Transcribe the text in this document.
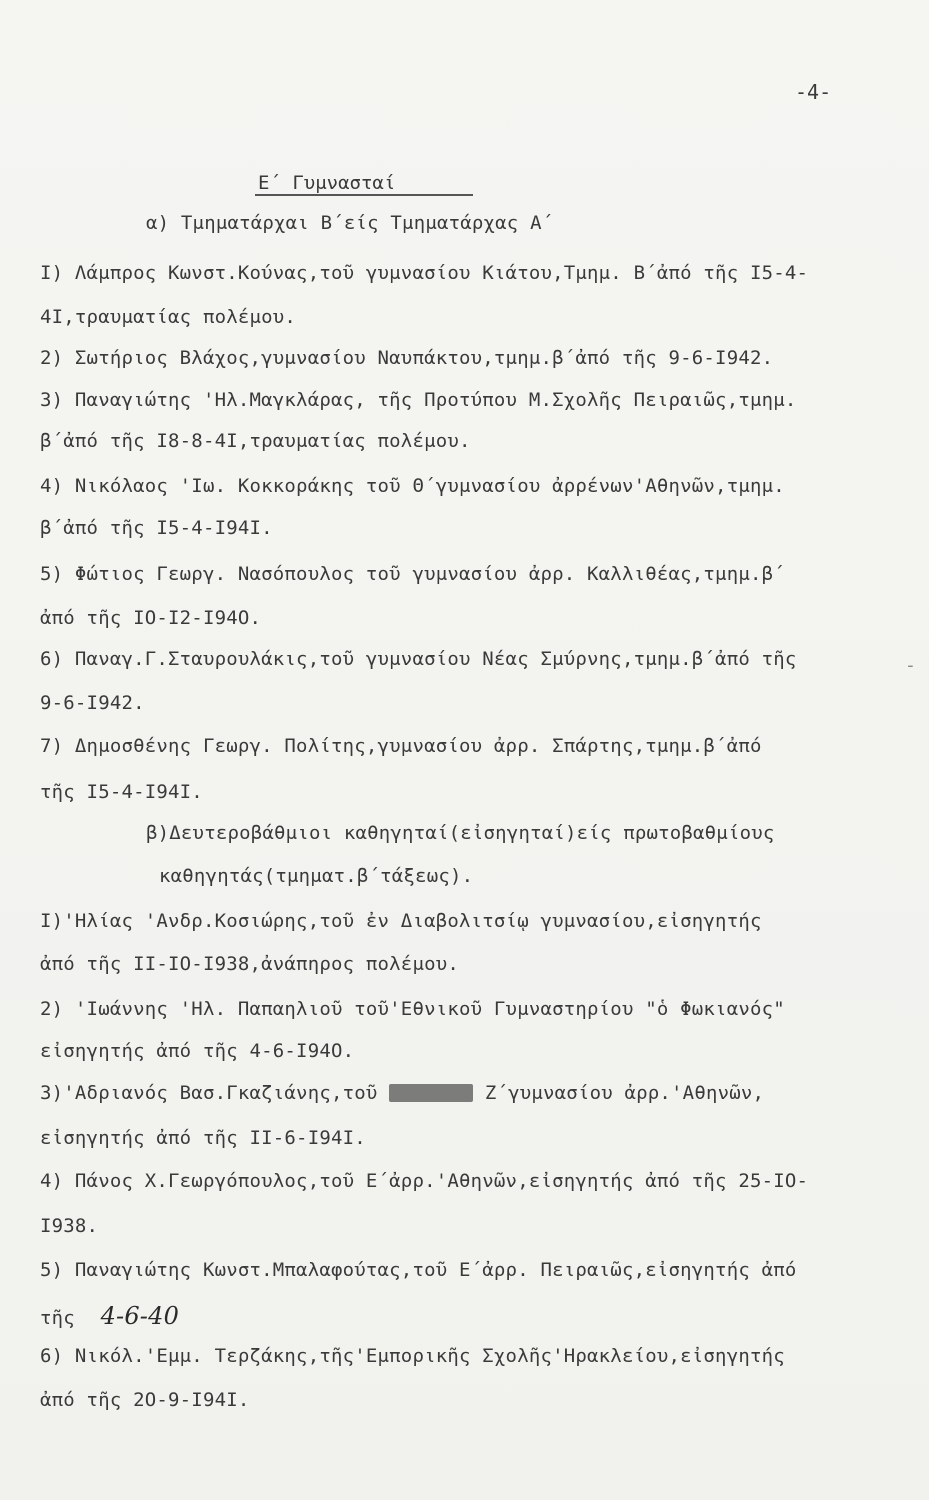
-4-
Ε΄ Γυμνασταί
α) Τμηματάρχαι Β΄είς Τμηματάρχας Α΄
I) Λάμπρος Κωνστ.Κούνας,τοῦ γυμνασίου Κιάτου,Τμημ. Β΄ἀπό τῆς I5-4-
4I,τραυματίας πολέμου.
2) Σωτήριος Βλάχος,γυμνασίου Ναυπάκτου,τμημ.β΄ἀπό τῆς 9-6-I942.
3) Παναγιώτης 'Ηλ.Μαγκλάρας, τῆς Προτύπου Μ.Σχολῆς Πειραιῶς,τμημ.
β΄ἀπό τῆς I8-8-4I,τραυματίας πολέμου.
4) Νικόλαος 'Ιω. Κοκκοράκης τοῦ Θ΄γυμνασίου ἀρρένων'Αθηνῶν,τμημ.
β΄ἀπό τῆς I5-4-I94I.
5) Φώτιος Γεωργ. Νασόπουλος τοῦ γυμνασίου ἀρρ. Καλλιθέας,τμημ.β΄
ἀπό τῆς IO-I2-I94O.
6) Παναγ.Γ.Σταυρουλάκις,τοῦ γυμνασίου Νέας Σμύρνης,τμημ.β΄ἀπό τῆς
9-6-I942.
7) Δημοσθένης Γεωργ. Πολίτης,γυμνασίου ἀρρ. Σπάρτης,τμημ.β΄ἀπό
τῆς I5-4-I94I.
β)Δευτεροβάθμιοι καθηγηταί(εἰσηγηταί)είς πρωτοβαθμίους
καθηγητάς(τμηματ.β΄τάξεως).
I)'Ηλίας 'Ανδρ.Κοσιώρης,τοῦ ἐν Διαβολιτσίῳ γυμνασίου,εἰσηγητής
ἀπό τῆς II-IO-I938,ἀνάπηρος πολέμου.
2) 'Ιωάννης 'Ηλ. Παπαηλιοῦ τοῦ'Εθνικοῦ Γυμναστηρίου "ὁ Φωκιανός"
εἰσηγητής ἀπό τῆς 4-6-I94O.
3)'Αδριανός Βασ.Γκαζιάνης,τοῦ	Ζ΄γυμνασίου ἀρρ.'Αθηνῶν,
εἰσηγητής ἀπό τῆς II-6-I94I.
4) Πάνος Χ.Γεωργόπουλος,τοῦ Ε΄ἀρρ.'Αθηνῶν,εἰσηγητής ἀπό τῆς 25-IO-
I938.
5) Παναγιώτης Κωνστ.Μπαλαφούτας,τοῦ Ε΄ἀρρ. Πειραιῶς,εἰσηγητής ἀπό
τῆς 4-6-40
6) Νικόλ.'Εμμ. Τερζάκης,τῆς'Εμπορικῆς Σχολῆς'Ηρακλείου,εἰσηγητής
ἀπό τῆς 2O-9-I94I.
-
